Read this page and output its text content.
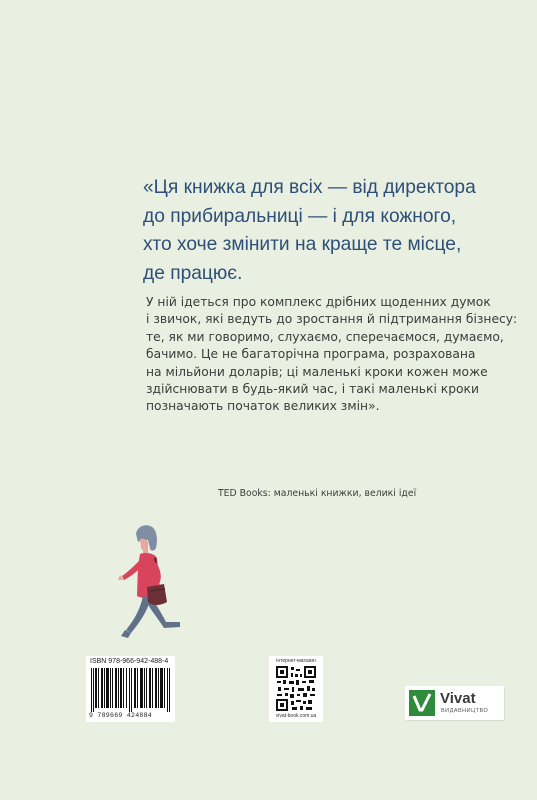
«Ця книжка для всіх — від директора
до прибиральниці — і для кожного,
хто хоче змінити на краще те місце,
де працює.
У ній ідеться про комплекс дрібних щоденних думок
і звичок, які ведуть до зростання й підтримання бізнесу:
те, як ми говоримо, слухаємо, сперечаємося, думаємо,
бачимо. Це не багаторічна програма, розрахована
на мільйони доларів; ці маленькі кроки кожен може
здійснювати в будь-який час, і такі маленькі кроки
позначають початок великих змін».
TED Books: маленькі книжки, великі ідеї
ISBN 978-966-942-488-4
9 789669 424884
інтернет-магазин
vivat-book.com.ua
Vivat
ВИДАВНИЦТВО
